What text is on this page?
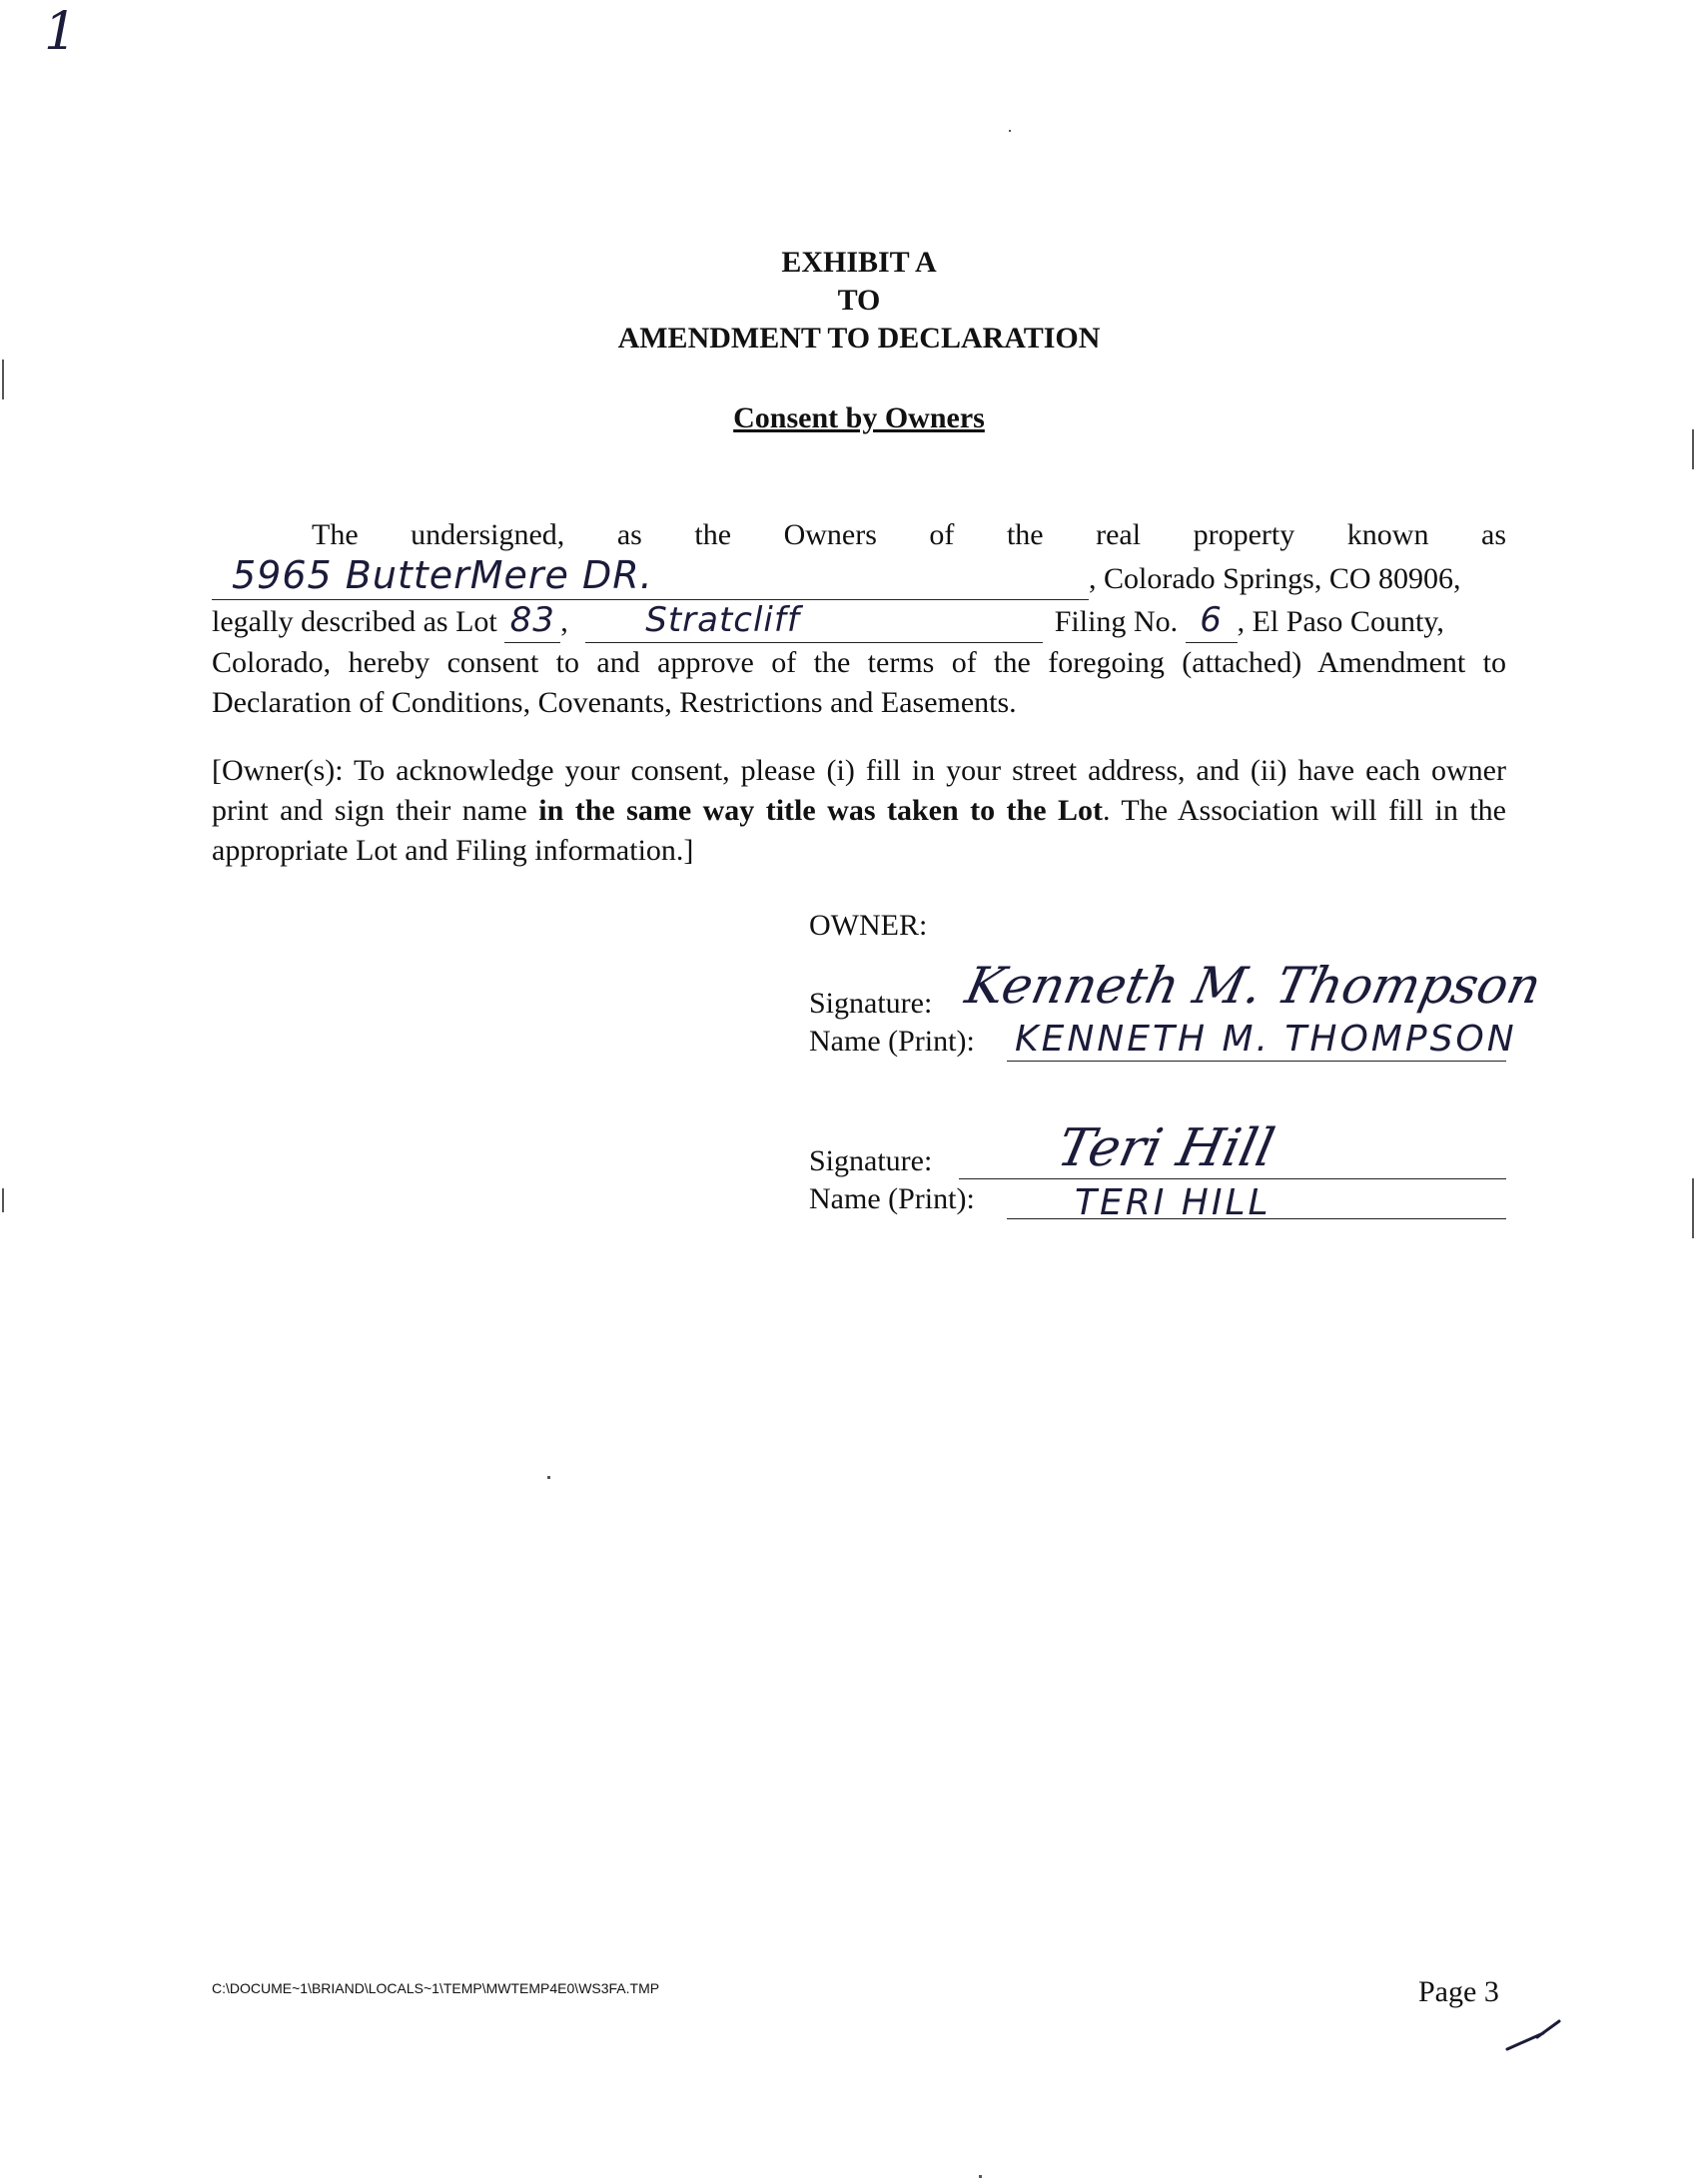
1
EXHIBIT A
TO
AMENDMENT TO DECLARATION
Consent by Owners
The undersigned, as the Owners of the real property known as
5965 ButterMere DR.	, Colorado Springs, CO 80906,
legally described as Lot 83 , Stratcliff	Filing No. 6 , El Paso County,
Colorado, hereby consent to and approve of the terms of the foregoing (attached) Amendment to Declaration of Conditions, Covenants, Restrictions and Easements.
[Owner(s): To acknowledge your consent, please (i) fill in your street address, and (ii) have each owner print and sign their name in the same way title was taken to the Lot. The Association will fill in the appropriate Lot and Filing information.]
OWNER:
Signature: Kenneth M. Thompson
Name (Print): KENNETH M. THOMPSON
Signature: Teri Hill
Name (Print):	TERI HILL
C:\DOCUME~1\BRIAND\LOCALS~1\TEMP\MWTEMP4E0\WS3FA.TMP	Page 3
